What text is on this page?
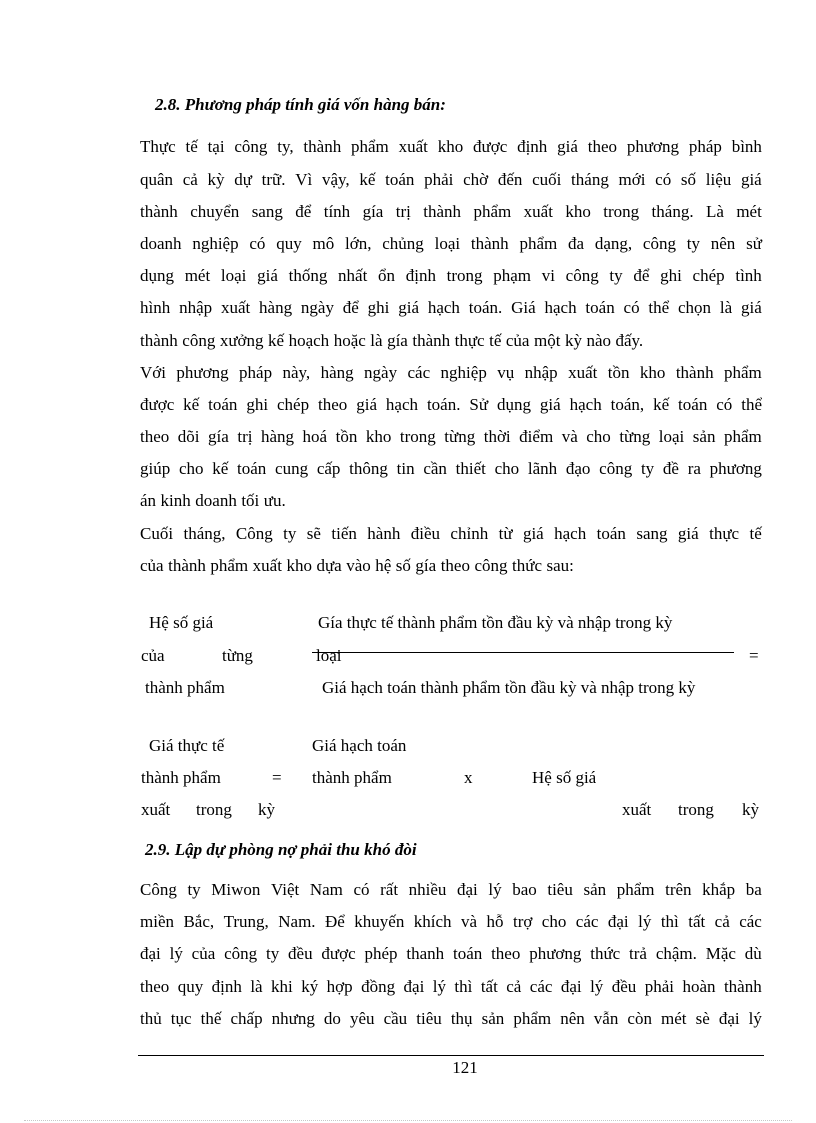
2.8. Phương pháp tính giá vốn hàng bán:
Thực tế tại công ty, thành phẩm xuất kho được định giá theo phương pháp bình
quân cả kỳ dự trữ. Vì vậy, kế toán phải chờ đến cuối tháng mới có số liệu giá
thành chuyển sang để tính gía trị thành phẩm xuất kho trong tháng. Là mét
doanh nghiệp có quy mô lớn, chủng loại thành phẩm đa dạng, công ty nên sử
dụng mét loại giá thống nhất ổn định trong phạm vi công ty để ghi chép tình
hình nhập xuất hàng ngày để ghi giá hạch toán. Giá hạch toán có thể chọn là giá
thành công xưởng kế hoạch hoặc là gía thành thực tế của một kỳ nào đấy.
Với phương pháp này, hàng ngày các nghiệp vụ nhập xuất tồn kho thành phẩm
được kế toán ghi chép theo giá hạch toán. Sử dụng giá hạch toán, kế toán có thể
theo dõi gía trị hàng hoá tồn kho trong từng thời điểm và cho từng loại sản phẩm
giúp cho kế toán cung cấp thông tin cần thiết cho lãnh đạo công ty đề ra phương
án kinh doanh tối ưu.
Cuối tháng, Công ty sẽ tiến hành điều chỉnh từ giá hạch toán sang giá thực tế
của thành phẩm xuất kho dựa vào hệ số gía theo công thức sau:
Hệ số giá
của	từng
thành phẩm
Gía thực tế thành phẩm tồn đầu kỳ và nhập trong kỳ
loại	=
Giá hạch toán thành phẩm tồn đầu kỳ và nhập trong kỳ
Giá thực tế
thành phẩm
xuất trong kỳ
=
Giá hạch toán
thành phẩm	x	Hệ số giá
xuất trong kỳ
2.9. Lập dự phòng nợ phải thu khó đòi
Công ty Miwon Việt Nam có rất nhiều đại lý bao tiêu sản phẩm trên khắp ba
miền Bắc, Trung, Nam. Để khuyến khích và hỗ trợ cho các đại lý thì tất cả các
đại lý của công ty đều được phép thanh toán theo phương thức trả chậm. Mặc dù
theo quy định là khi ký hợp đồng đại lý thì tất cả các đại lý đều phải hoàn thành
thủ tục thế chấp nhưng do yêu cầu tiêu thụ sản phẩm nên vẫn còn mét sè đại lý
121
